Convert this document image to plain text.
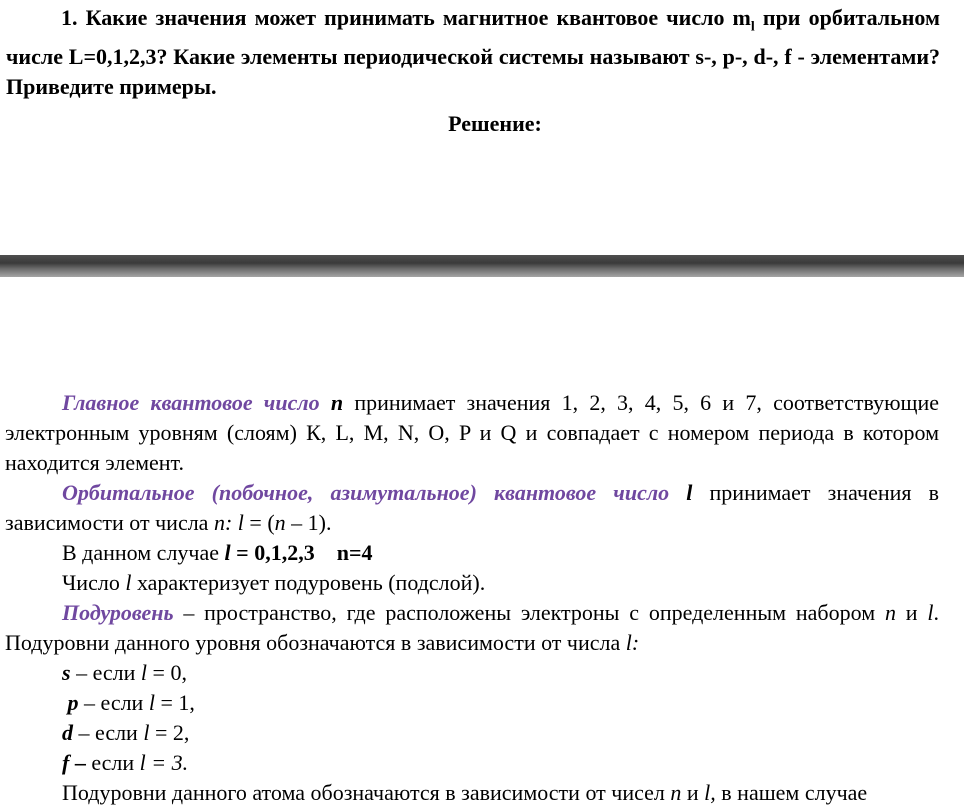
1. Какие значения может принимать магнитное квантовое число $m_l$ при орбитальном числе L=0,1,2,3? Какие элементы периодической системы называют s-, p-, d-, f - элементами? Приведите примеры.
Решение:

Главное квантовое число n принимает значения 1, 2, 3, 4, 5, 6 и 7, соответствующие электронным уровням (слоям) К, L, M, N, O, P и Q и совпадает с номером периода в котором находится элемент.

Орбитальное (побочное, азимутальное) квантовое число l принимает значения в зависимости от числа n: l = (n – 1).

В данном случае l = 0,1,2,3 n=4

Число l характеризует подуровень (подслой).

Подуровень – пространство, где расположены электроны с определенным набором n и l. Подуровни данного уровня обозначаются в зависимости от числа l:

s – если l = 0,

p – если l = 1,

d – если l = 2,

f – если l = 3.

Подуровни данного атома обозначаются в зависимости от чисел n и l, в нашем случае
